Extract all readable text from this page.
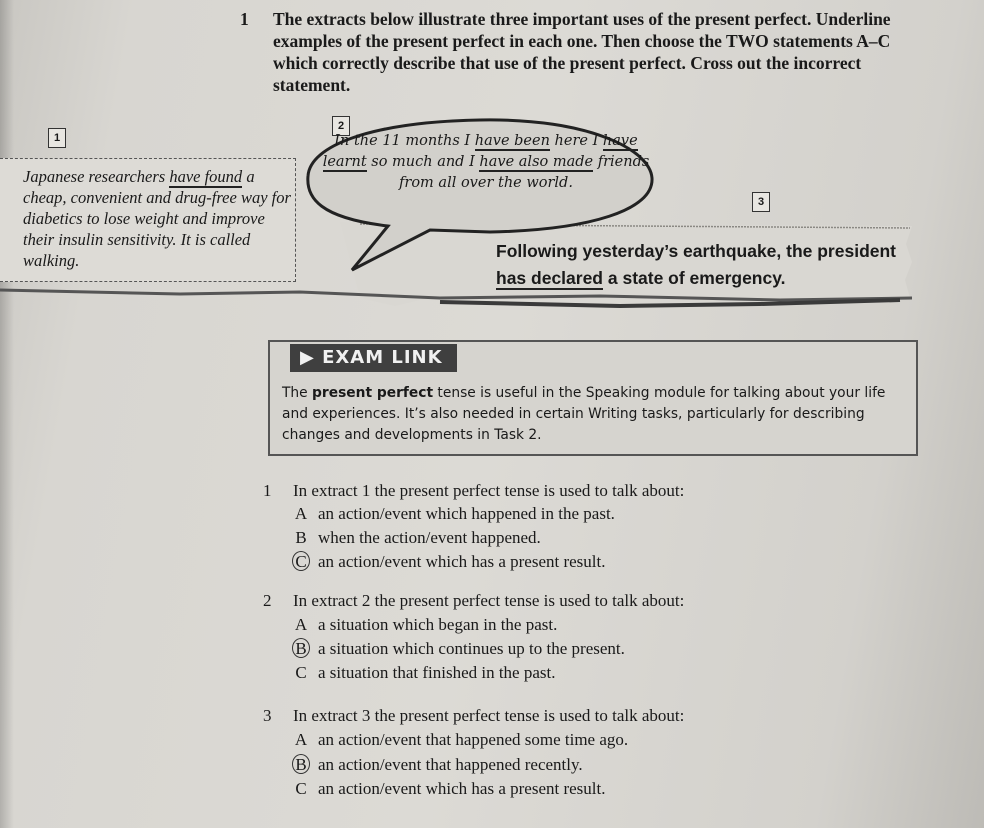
1 The extracts below illustrate three important uses of the present perfect. Underline examples of the present perfect in each one. Then choose the TWO statements A–C which correctly describe that use of the present perfect. Cross out the incorrect statement.
Japanese researchers have found a cheap, convenient and drug-free way for diabetics to lose weight and improve their insulin sensitivity. It is called walking.
1
2
In the 11 months I have been here I have learnt so much and I have also made friends from all over the world.
3
Following yesterday’s earthquake, the president has declared a state of emergency.
▶ EXAM LINK
The present perfect tense is useful in the Speaking module for talking about your life and experiences. It’s also needed in certain Writing tasks, particularly for describing changes and developments in Task 2.
1 In extract 1 the present perfect tense is used to talk about:
A an action/event which happened in the past.
B when the action/event happened.
C an action/event which has a present result.
2 In extract 2 the present perfect tense is used to talk about:
A a situation which began in the past.
B a situation which continues up to the present.
C a situation that finished in the past.
3 In extract 3 the present perfect tense is used to talk about:
A an action/event that happened some time ago.
B an action/event that happened recently.
C an action/event which has a present result.
